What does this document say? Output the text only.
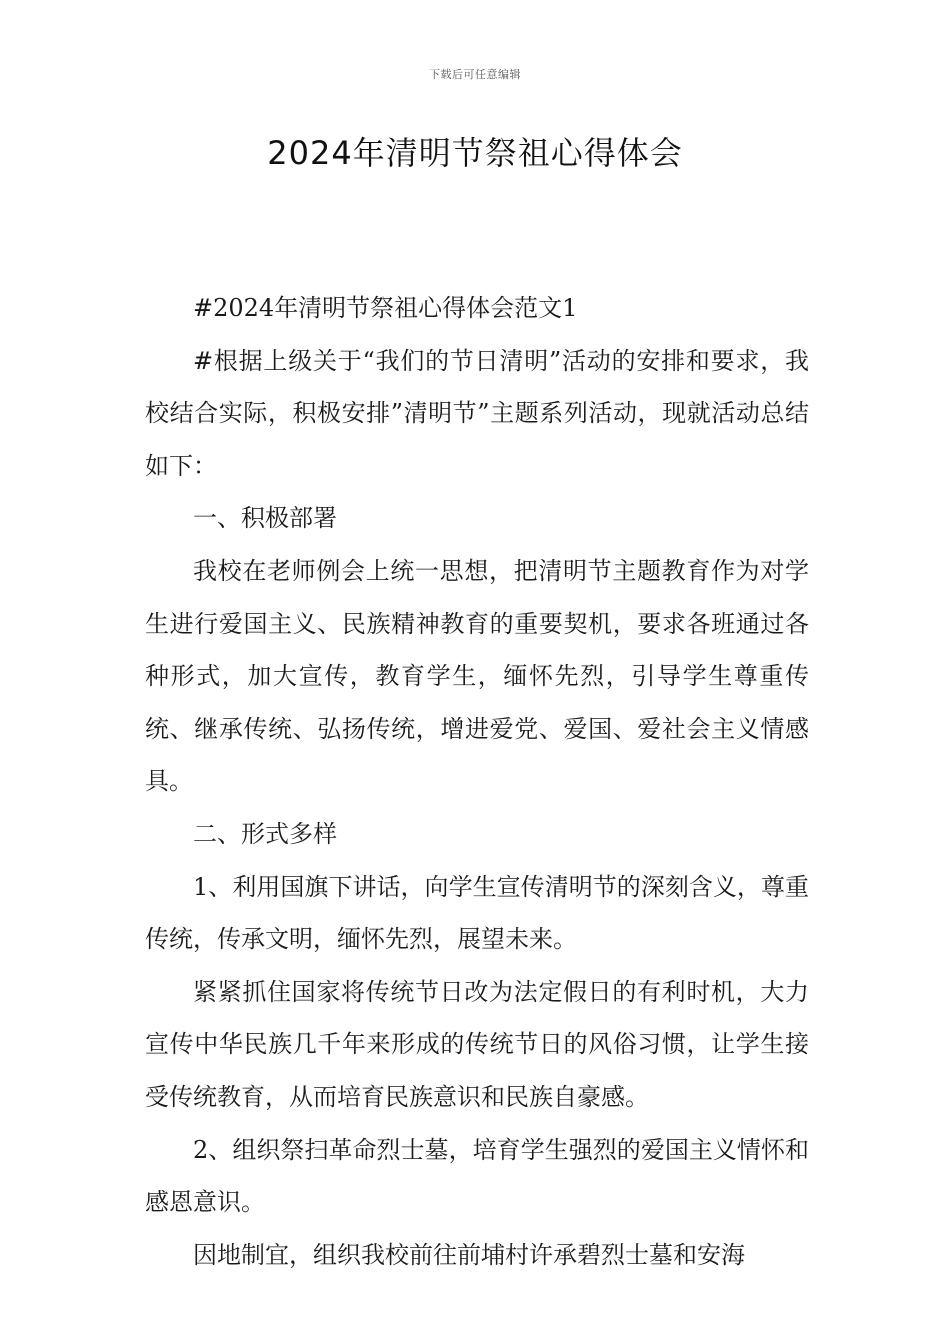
下载后可任意编辑
2024年清明节祭祖心得体会

#2024年清明节祭祖心得体会范文1

#根据上级关于“我们的节日清明”活动的安排和要求，我校结合实际，积极安排”清明节”主题系列活动，现就活动总结如下：

一、积极部署

我校在老师例会上统一思想，把清明节主题教育作为对学生进行爱国主义、民族精神教育的重要契机，要求各班通过各种形式，加大宣传，教育学生，缅怀先烈，引导学生尊重传统、继承传统、弘扬传统，增进爱党、爱国、爱社会主义情感具。

二、形式多样

1、利用国旗下讲话，向学生宣传清明节的深刻含义，尊重传统，传承文明，缅怀先烈，展望未来。

紧紧抓住国家将传统节日改为法定假日的有利时机，大力宣传中华民族几千年来形成的传统节日的风俗习惯，让学生接受传统教育，从而培育民族意识和民族自豪感。

2、组织祭扫革命烈士墓，培育学生强烈的爱国主义情怀和感恩意识。

因地制宜，组织我校前往前埔村许承碧烈士墓和安海
